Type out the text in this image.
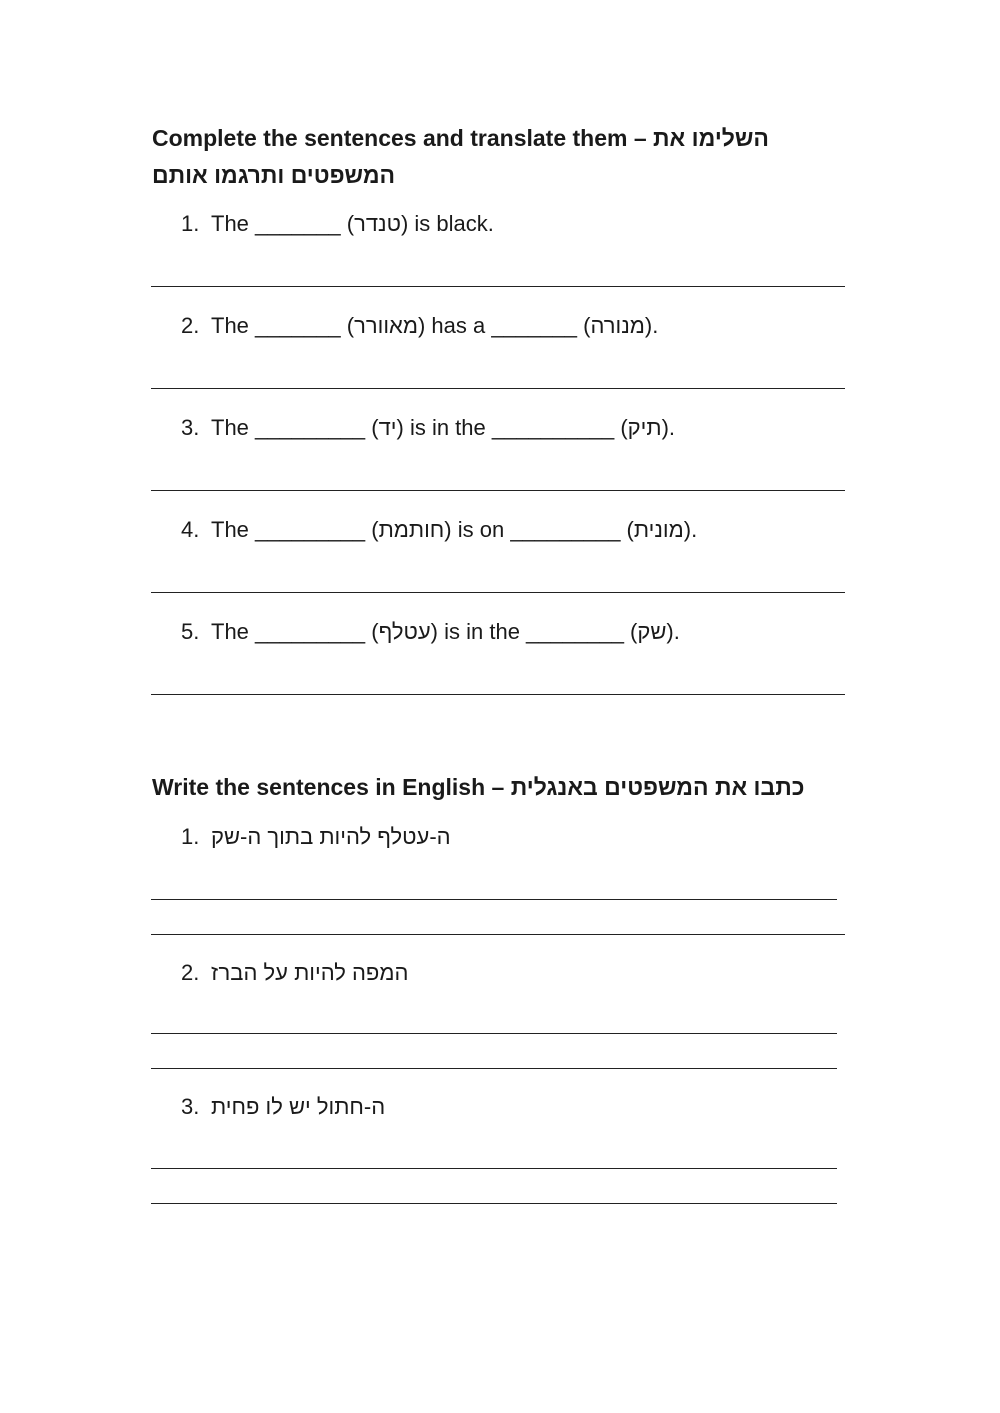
Complete the sentences and translate them – השלימו את
המשפטים ותרגמו אותם
1. The _______ (טנדר) is black.
2. The _______ (מאוורר) has a _______ (מנורה).
3. The _________ (יד) is in the __________ (תיק).
4. The _________ (חותמת) is on _________ (מונית).
5. The _________ (עטלף) is in the ________ (שק).
Write the sentences in English – כתבו את המשפטים באנגלית
1. ה-עטלף להיות בתוך ה-שק
2. המפה להיות על הברז
3. ה-חתול יש לו פחית
